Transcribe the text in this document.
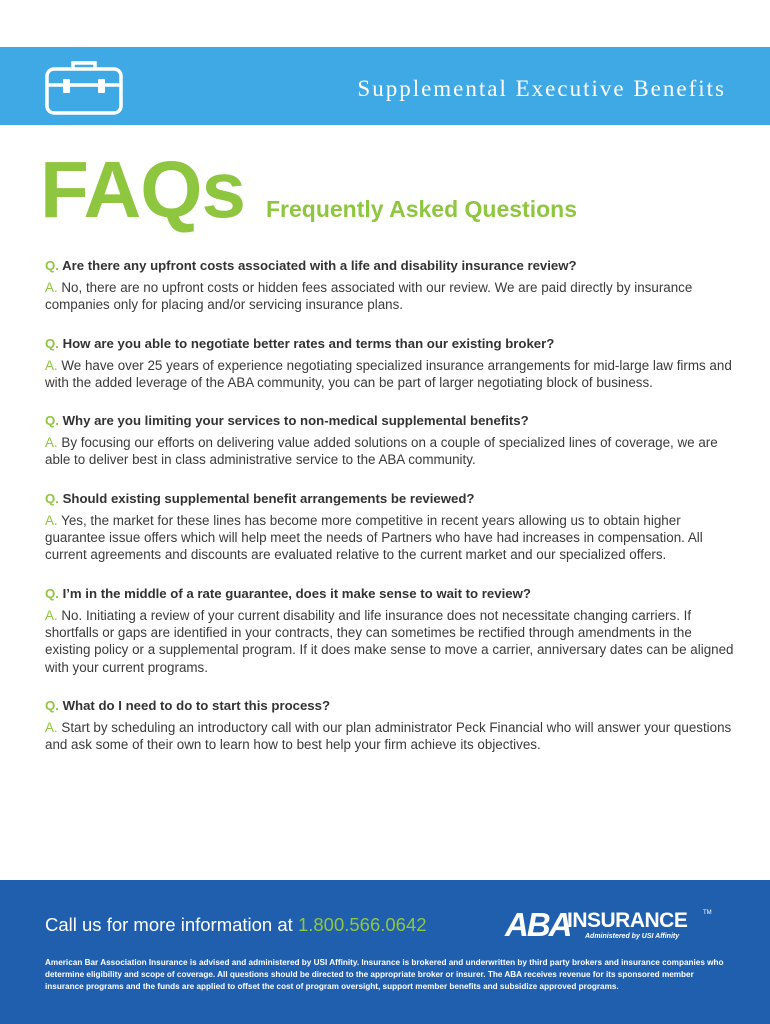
Supplemental Executive Benefits
FAQs Frequently Asked Questions
Q. Are there any upfront costs associated with a life and disability insurance review?
A. No, there are no upfront costs or hidden fees associated with our review. We are paid directly by insurance companies only for placing and/or servicing insurance plans.
Q. How are you able to negotiate better rates and terms than our existing broker?
A. We have over 25 years of experience negotiating specialized insurance arrangements for mid-large law firms and with the added leverage of the ABA community, you can be part of larger negotiating block of business.
Q. Why are you limiting your services to non-medical supplemental benefits?
A. By focusing our efforts on delivering value added solutions on a couple of specialized lines of coverage, we are able to deliver best in class administrative service to the ABA community.
Q. Should existing supplemental benefit arrangements be reviewed?
A. Yes, the market for these lines has become more competitive in recent years allowing us to obtain higher guarantee issue offers which will help meet the needs of Partners who have had increases in compensation. All current agreements and discounts are evaluated relative to the current market and our specialized offers.
Q. I’m in the middle of a rate guarantee, does it make sense to wait to review?
A. No. Initiating a review of your current disability and life insurance does not necessitate changing carriers. If shortfalls or gaps are identified in your contracts, they can sometimes be rectified through amendments in the existing policy or a supplemental program. If it does make sense to move a carrier, anniversary dates can be aligned with your current programs.
Q. What do I need to do to start this process?
A. Start by scheduling an introductory call with our plan administrator Peck Financial who will answer your questions and ask some of their own to learn how to best help your firm achieve its objectives.
Call us for more information at 1.800.566.0642 ABA
INSURANCE	TM
Administered by USI Affinity
American Bar Association Insurance is advised and administered by USI Affinity. Insurance is brokered and underwritten by third party brokers and insurance companies who determine eligibility and scope of coverage. All questions should be directed to the appropriate broker or insurer. The ABA receives revenue for its sponsored member insurance programs and the funds are applied to offset the cost of program oversight, support member benefits and subsidize approved programs.
